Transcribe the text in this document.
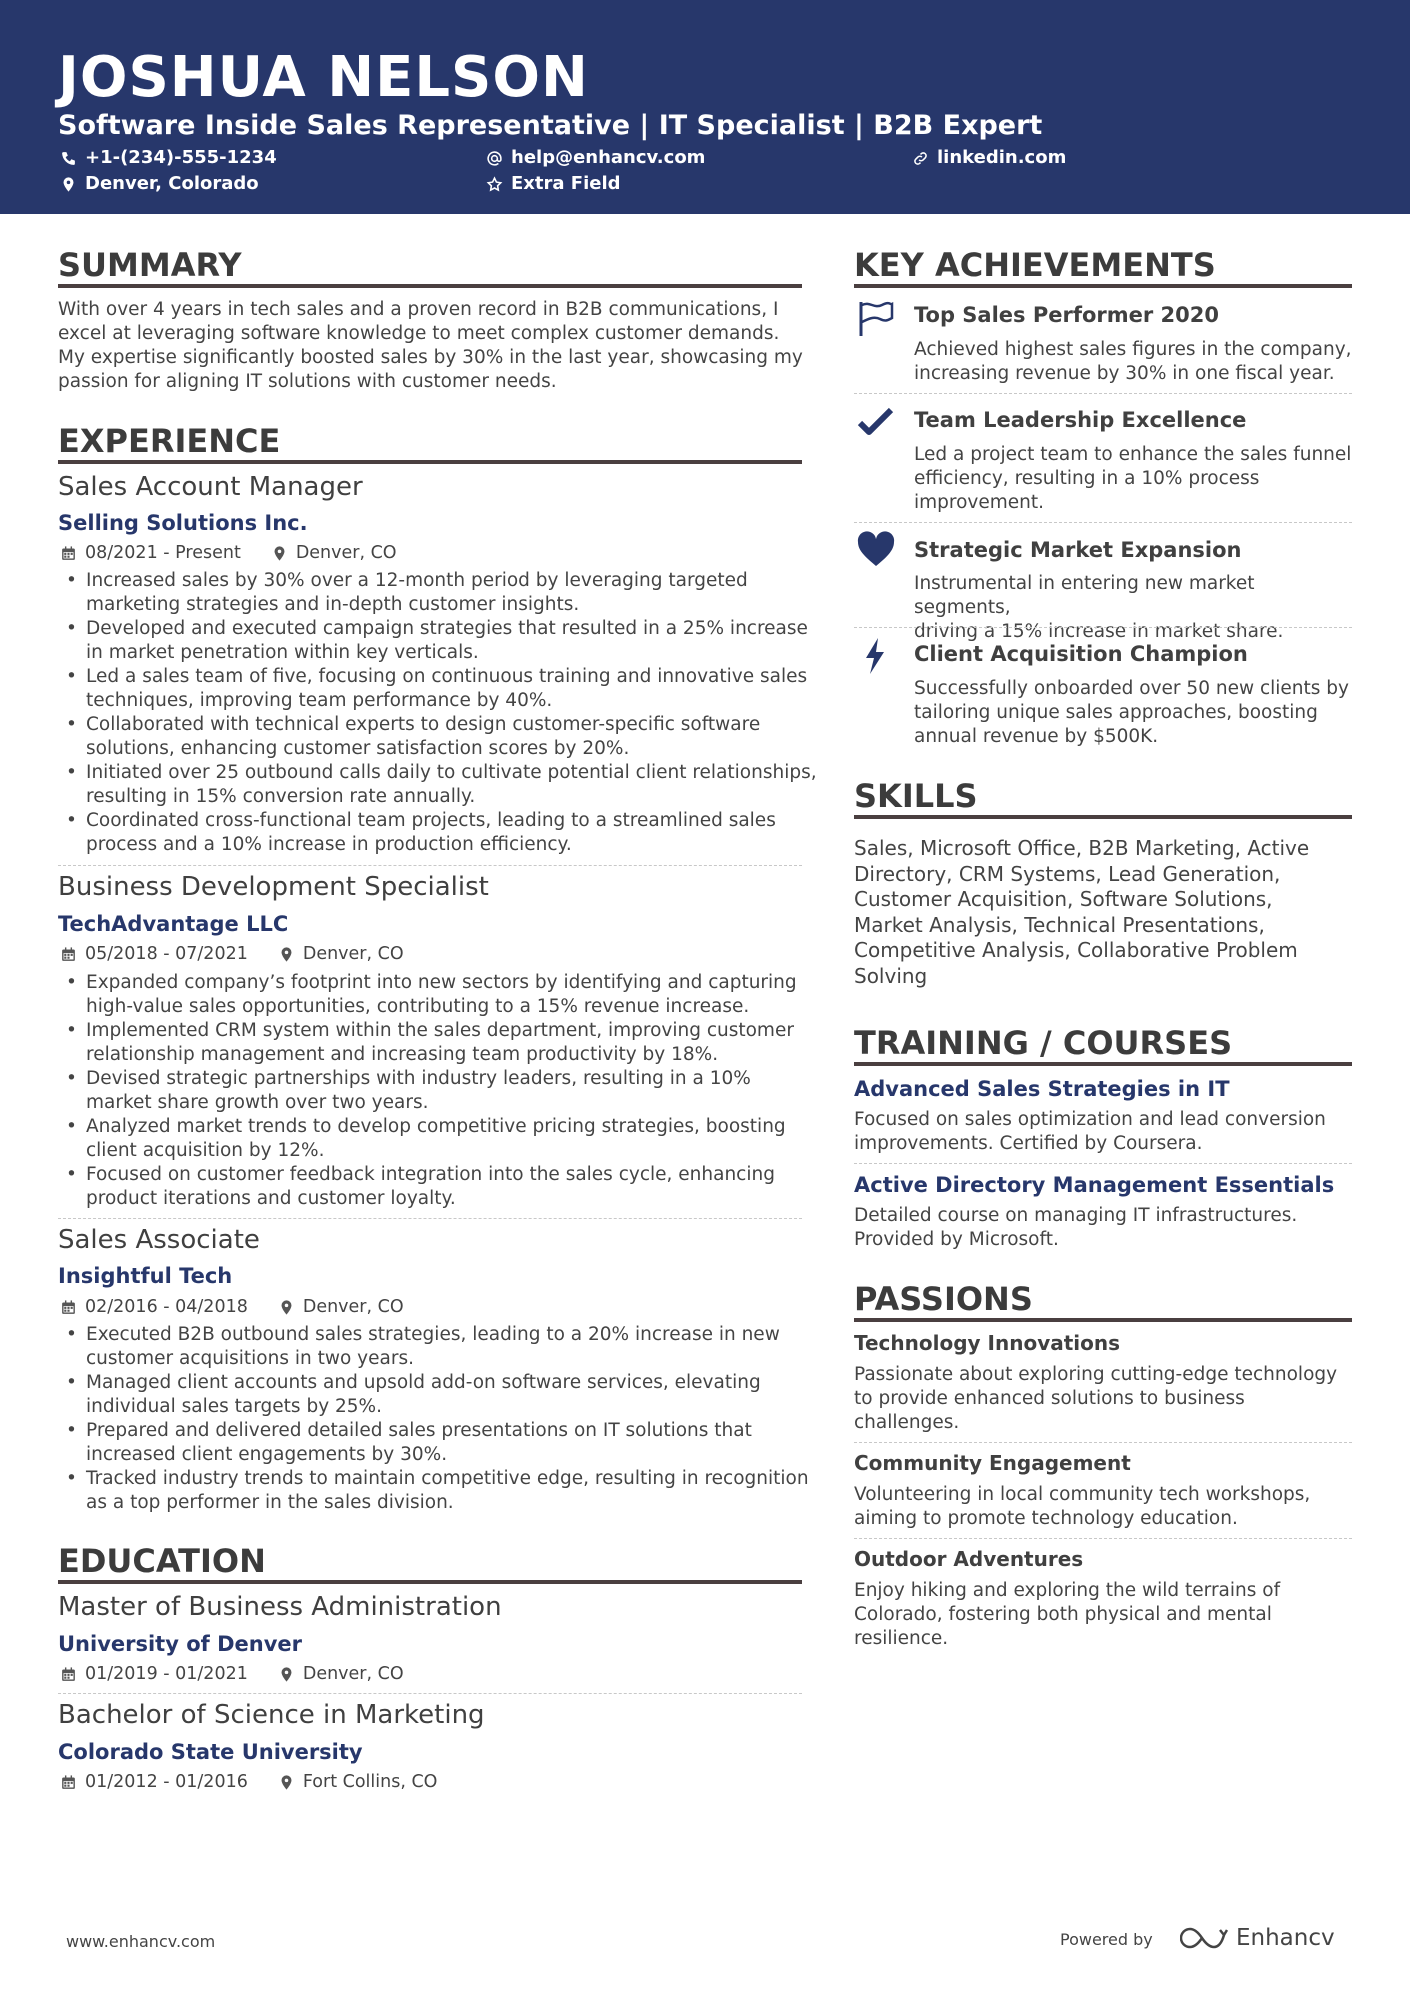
JOSHUA NELSON
Software Inside Sales Representative | IT Specialist | B2B Expert
+1-(234)-555-1234	help@enhancv.com	linkedin.com
Denver, Colorado	Extra Field
SUMMARY
With over 4 years in tech sales and a proven record in B2B communications, I
excel at leveraging software knowledge to meet complex customer demands.
My expertise significantly boosted sales by 30% in the last year, showcasing my
passion for aligning IT solutions with customer needs.
EXPERIENCE
Sales Account Manager
Selling Solutions Inc.
08/2021 - Present	Denver, CO
• Increased sales by 30% over a 12-month period by leveraging targeted
marketing strategies and in-depth customer insights.
• Developed and executed campaign strategies that resulted in a 25% increase
in market penetration within key verticals.
• Led a sales team of five, focusing on continuous training and innovative sales
techniques, improving team performance by 40%.
• Collaborated with technical experts to design customer-specific software
solutions, enhancing customer satisfaction scores by 20%.
• Initiated over 25 outbound calls daily to cultivate potential client relationships,
resulting in 15% conversion rate annually.
• Coordinated cross-functional team projects, leading to a streamlined sales
process and a 10% increase in production efficiency.
Business Development Specialist
TechAdvantage LLC
05/2018 - 07/2021	Denver, CO
• Expanded company’s footprint into new sectors by identifying and capturing
high-value sales opportunities, contributing to a 15% revenue increase.
• Implemented CRM system within the sales department, improving customer
relationship management and increasing team productivity by 18%.
• Devised strategic partnerships with industry leaders, resulting in a 10%
market share growth over two years.
• Analyzed market trends to develop competitive pricing strategies, boosting
client acquisition by 12%.
• Focused on customer feedback integration into the sales cycle, enhancing
product iterations and customer loyalty.
Sales Associate
Insightful Tech
02/2016 - 04/2018	Denver, CO
• Executed B2B outbound sales strategies, leading to a 20% increase in new
customer acquisitions in two years.
• Managed client accounts and upsold add-on software services, elevating
individual sales targets by 25%.
• Prepared and delivered detailed sales presentations on IT solutions that
increased client engagements by 30%.
• Tracked industry trends to maintain competitive edge, resulting in recognition
as a top performer in the sales division.
EDUCATION
Master of Business Administration
University of Denver
01/2019 - 01/2021	Denver, CO
Bachelor of Science in Marketing
Colorado State University
01/2012 - 01/2016	Fort Collins, CO
KEY ACHIEVEMENTS
Top Sales Performer 2020
Achieved highest sales figures in the company,
increasing revenue by 30% in one fiscal year.
Team Leadership Excellence
Led a project team to enhance the sales funnel
efficiency, resulting in a 10% process
improvement.
Strategic Market Expansion
Instrumental in entering new market segments,
driving a 15% increase in market share.
Client Acquisition Champion
Successfully onboarded over 50 new clients by
tailoring unique sales approaches, boosting
annual revenue by $500K.
SKILLS
Sales, Microsoft Office, B2B Marketing, Active
Directory, CRM Systems, Lead Generation,
Customer Acquisition, Software Solutions,
Market Analysis, Technical Presentations,
Competitive Analysis, Collaborative Problem
Solving
TRAINING / COURSES
Advanced Sales Strategies in IT
Focused on sales optimization and lead conversion
improvements. Certified by Coursera.
Active Directory Management Essentials
Detailed course on managing IT infrastructures.
Provided by Microsoft.
PASSIONS
Technology Innovations
Passionate about exploring cutting-edge technology
to provide enhanced solutions to business
challenges.
Community Engagement
Volunteering in local community tech workshops,
aiming to promote technology education.
Outdoor Adventures
Enjoy hiking and exploring the wild terrains of
Colorado, fostering both physical and mental
resilience.
www.enhancv.com	Powered by	Enhancv
